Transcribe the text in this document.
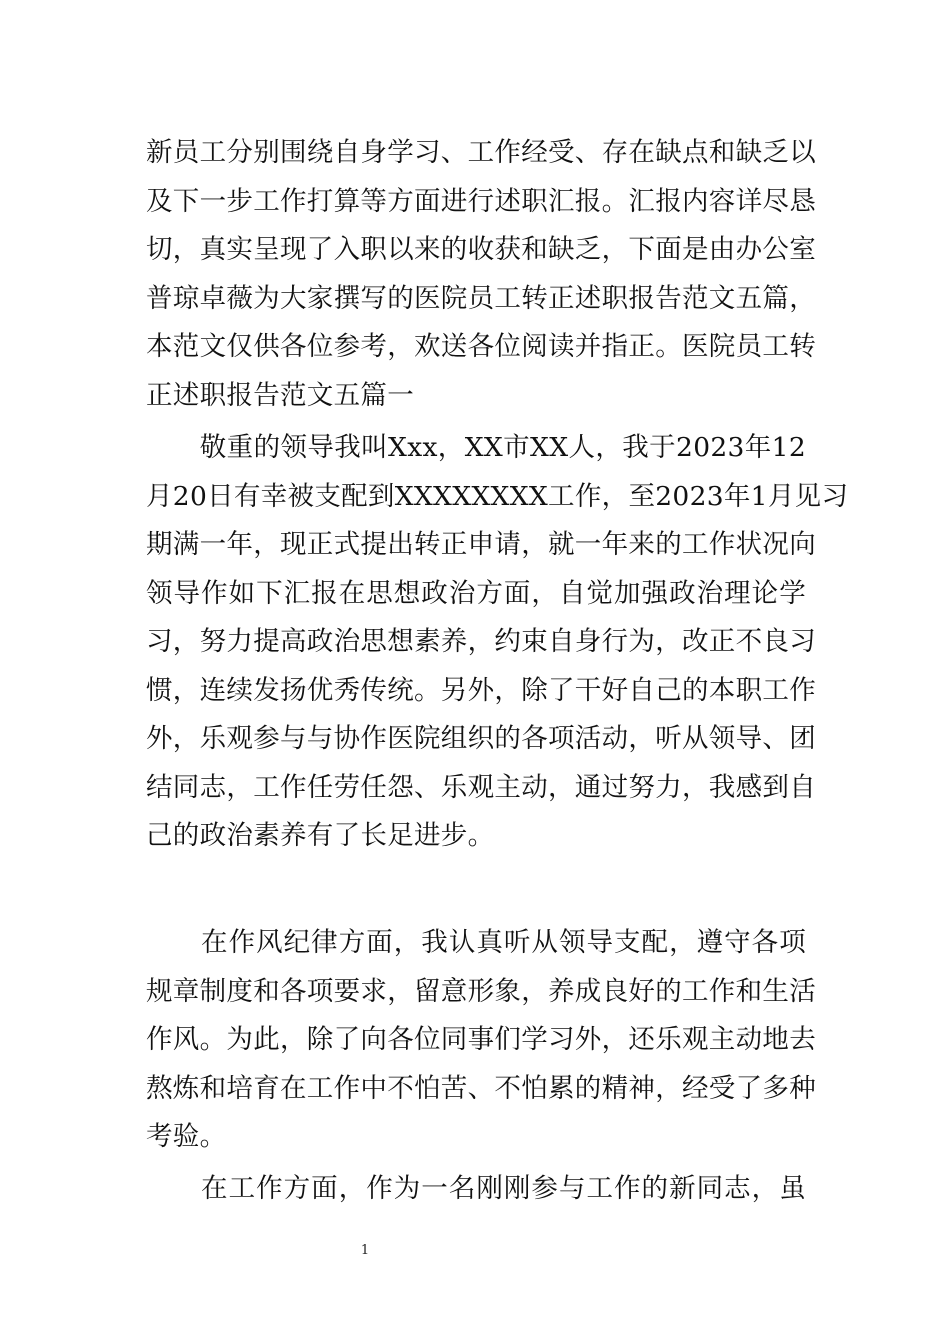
新员工分别围绕自身学习、工作经受、存在缺点和缺乏以
及下一步工作打算等方面进行述职汇报。汇报内容详尽恳
切，真实呈现了入职以来的收获和缺乏，下面是由办公室
普琼卓薇为大家撰写的医院员工转正述职报告范文五篇，
本范文仅供各位参考，欢送各位阅读并指正。医院员工转
正述职报告范文五篇一
　　敬重的领导我叫Xxx，XX市XX人，我于2023年12
月20日有幸被支配到XXXXXXXX工作，至2023年1月见习
期满一年，现正式提出转正申请，就一年来的工作状况向
领导作如下汇报在思想政治方面，自觉加强政治理论学
习，努力提高政治思想素养，约束自身行为，改正不良习
惯，连续发扬优秀传统。另外，除了干好自己的本职工作
外，乐观参与与协作医院组织的各项活动，听从领导、团
结同志，工作任劳任怨、乐观主动，通过努力，我感到自
己的政治素养有了长足进步。
　　在作风纪律方面，我认真听从领导支配，遵守各项
规章制度和各项要求，留意形象，养成良好的工作和生活
作风。为此，除了向各位同事们学习外，还乐观主动地去
熬炼和培育在工作中不怕苦、不怕累的精神，经受了多种
考验。
　　在工作方面，作为一名刚刚参与工作的新同志，虽
1
